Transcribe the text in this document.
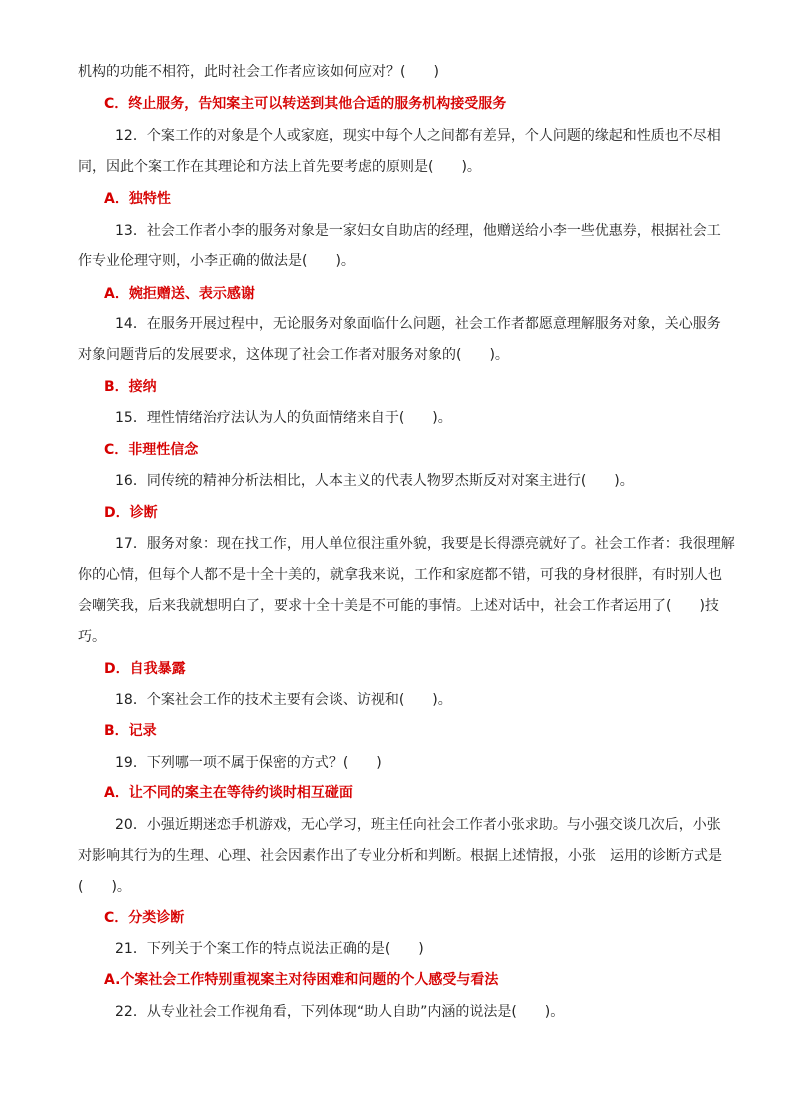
机构的功能不相符，此时社会工作者应该如何应对？(　　)
C．终止服务，告知案主可以转送到其他合适的服务机构接受服务
12．个案工作的对象是个人或家庭，现实中每个人之间都有差异，个人问题的缘起和性质也不尽相
同，因此个案工作在其理论和方法上首先要考虑的原则是(　　)。
A．独特性
13．社会工作者小李的服务对象是一家妇女自助店的经理，他赠送给小李一些优惠券，根据社会工
作专业伦理守则，小李正确的做法是(　　)。
A．婉拒赠送、表示感谢
14．在服务开展过程中，无论服务对象面临什么问题，社会工作者都愿意理解服务对象，关心服务
对象问题背后的发展要求，这体现了社会工作者对服务对象的(　　)。
B．接纳
15．理性情绪治疗法认为人的负面情绪来自于(　　)。
C．非理性信念
16．同传统的精神分析法相比，人本主义的代表人物罗杰斯反对对案主进行(　　)。
D．诊断
17．服务对象：现在找工作，用人单位很注重外貌，我要是长得漂亮就好了。社会工作者：我很理解
你的心情，但每个人都不是十全十美的，就拿我来说，工作和家庭都不错，可我的身材很胖，有时别人也
会嘲笑我，后来我就想明白了，要求十全十美是不可能的事情。上述对话中，社会工作者运用了(　　)技
巧。
D．自我暴露
18．个案社会工作的技术主要有会谈、访视和(　　)。
B．记录
19．下列哪一项不属于保密的方式？(　　)
A．让不同的案主在等待约谈时相互碰面
20．小强近期迷恋手机游戏，无心学习，班主任向社会工作者小张求助。与小强交谈几次后，小张
对影响其行为的生理、心理、社会因素作出了专业分析和判断。根据上述情报，小张　运用的诊断方式是
(　　)。
C．分类诊断
21．下列关于个案工作的特点说法正确的是(　　)
A.个案社会工作特别重视案主对待困难和问题的个人感受与看法
22．从专业社会工作视角看，下列体现“助人自助”内涵的说法是(　　)。
